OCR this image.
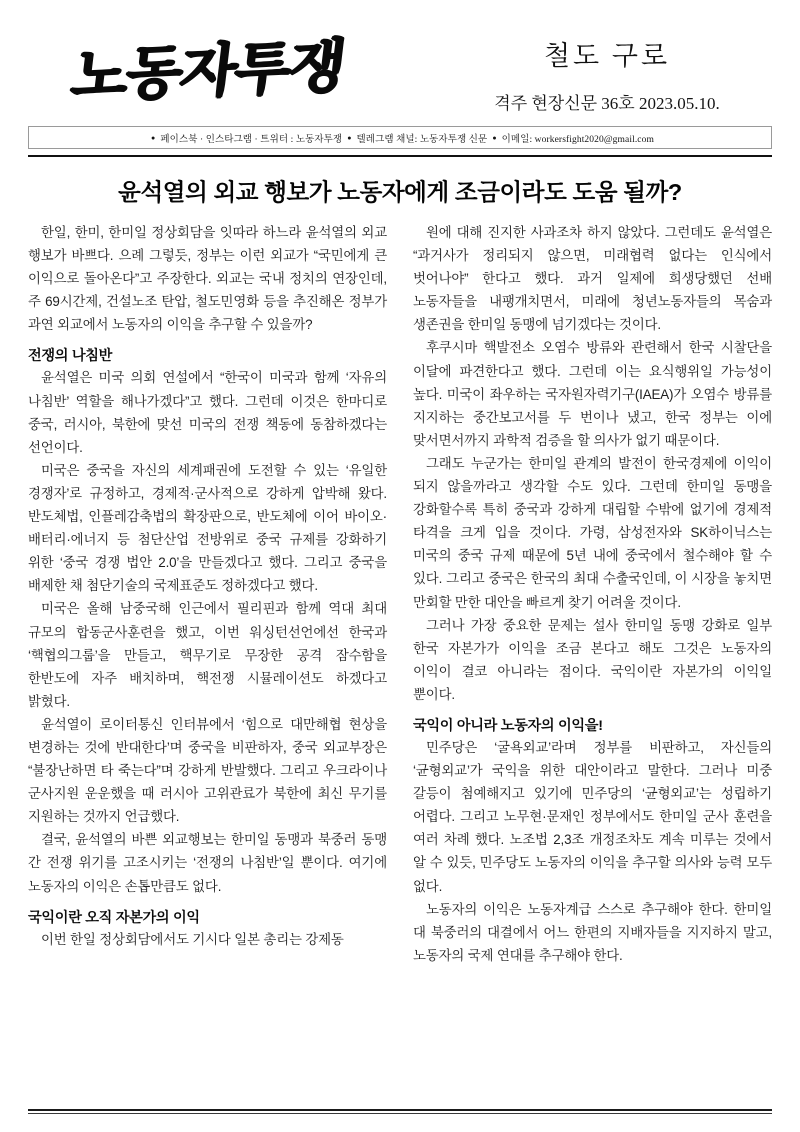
노동자투쟁	철도 구로
격주 현장신문 36호 2023.05.10.
● 페이스북 · 인스타그램 · 트위터 : 노동자투쟁 ● 텔레그램 채널: 노동자투쟁 신문 ● 이메일: workersfight2020@gmail.com
윤석열의 외교 행보가 노동자에게 조금이라도 도움 될까?

한일, 한미, 한미일 정상회담을 잇따라 하느라 윤석열의 외교 행보가 바쁘다. 으례 그렇듯, 정부는 이런 외교가 “국민에게 큰 이익으로 돌아온다”고 주장한다. 외교는 국내 정치의 연장인데, 주 69시간제, 건설노조 탄압, 철도민영화 등을 추진해온 정부가 과연 외교에서 노동자의 이익을 추구할 수 있을까?

전쟁의 나침반

윤석열은 미국 의회 연설에서 “한국이 미국과 함께 ‘자유의 나침반’ 역할을 해나가겠다”고 했다. 그런데 이것은 한마디로 중국, 러시아, 북한에 맞선 미국의 전쟁 책동에 동참하겠다는 선언이다.

미국은 중국을 자신의 세계패권에 도전할 수 있는 ‘유일한 경쟁자’로 규정하고, 경제적·군사적으로 강하게 압박해 왔다. 반도체법, 인플레감축법의 확장판으로, 반도체에 이어 바이오·배터리·에너지 등 첨단산업 전방위로 중국 규제를 강화하기 위한 ‘중국 경쟁 법안 2.0’을 만들겠다고 했다. 그리고 중국을 배제한 채 첨단기술의 국제표준도 정하겠다고 했다.

미국은 올해 남중국해 인근에서 필리핀과 함께 역대 최대 규모의 합동군사훈련을 했고, 이번 워싱턴선언에선 한국과 ‘핵협의그룹’을 만들고, 핵무기로 무장한 공격 잠수함을 한반도에 자주 배치하며, 핵전쟁 시뮬레이션도 하겠다고 밝혔다.

윤석열이 로이터통신 인터뷰에서 ‘힘으로 대만해협 현상을 변경하는 것에 반대한다’며 중국을 비판하자, 중국 외교부장은 “불장난하면 타 죽는다”며 강하게 반발했다. 그리고 우크라이나 군사지원 운운했을 때 러시아 고위관료가 북한에 최신 무기를 지원하는 것까지 언급했다.

결국, 윤석열의 바쁜 외교행보는 한미일 동맹과 북중러 동맹 간 전쟁 위기를 고조시키는 ‘전쟁의 나침반’일 뿐이다. 여기에 노동자의 이익은 손톱만큼도 없다.

국익이란 오직 자본가의 이익

이번 한일 정상회담에서도 기시다 일본 총리는 강제동

원에 대해 진지한 사과조차 하지 않았다. 그런데도 윤석열은 “과거사가 정리되지 않으면, 미래협력 없다는 인식에서 벗어나야” 한다고 했다. 과거 일제에 희생당했던 선배 노동자들을 내팽개치면서, 미래에 청년노동자들의 목숨과 생존권을 한미일 동맹에 넘기겠다는 것이다.

후쿠시마 핵발전소 오염수 방류와 관련해서 한국 시찰단을 이달에 파견한다고 했다. 그런데 이는 요식행위일 가능성이 높다. 미국이 좌우하는 국자원자력기구(IAEA)가 오염수 방류를 지지하는 중간보고서를 두 번이나 냈고, 한국 정부는 이에 맞서면서까지 과학적 검증을 할 의사가 없기 때문이다.

그래도 누군가는 한미일 관계의 발전이 한국경제에 이익이 되지 않을까라고 생각할 수도 있다. 그런데 한미일 동맹을 강화할수록 특히 중국과 강하게 대립할 수밖에 없기에 경제적 타격을 크게 입을 것이다. 가령, 삼성전자와 SK하이닉스는 미국의 중국 규제 때문에 5년 내에 중국에서 철수해야 할 수 있다. 그리고 중국은 한국의 최대 수출국인데, 이 시장을 놓치면 만회할 만한 대안을 빠르게 찾기 어려울 것이다.

그러나 가장 중요한 문제는 설사 한미일 동맹 강화로 일부 한국 자본가가 이익을 조금 본다고 해도 그것은 노동자의 이익이 결코 아니라는 점이다. 국익이란 자본가의 이익일 뿐이다.

국익이 아니라 노동자의 이익을!

민주당은 ‘굴욕외교’라며 정부를 비판하고, 자신들의 ‘균형외교’가 국익을 위한 대안이라고 말한다. 그러나 미중 갈등이 첨예해지고 있기에 민주당의 ‘균형외교’는 성립하기 어렵다. 그리고 노무현·문재인 정부에서도 한미일 군사 훈련을 여러 차례 했다. 노조법 2,3조 개정조차도 계속 미루는 것에서 알 수 있듯, 민주당도 노동자의 이익을 추구할 의사와 능력 모두 없다.

노동자의 이익은 노동자계급 스스로 추구해야 한다. 한미일 대 북중러의 대결에서 어느 한편의 지배자들을 지지하지 말고, 노동자의 국제 연대를 추구해야 한다.
